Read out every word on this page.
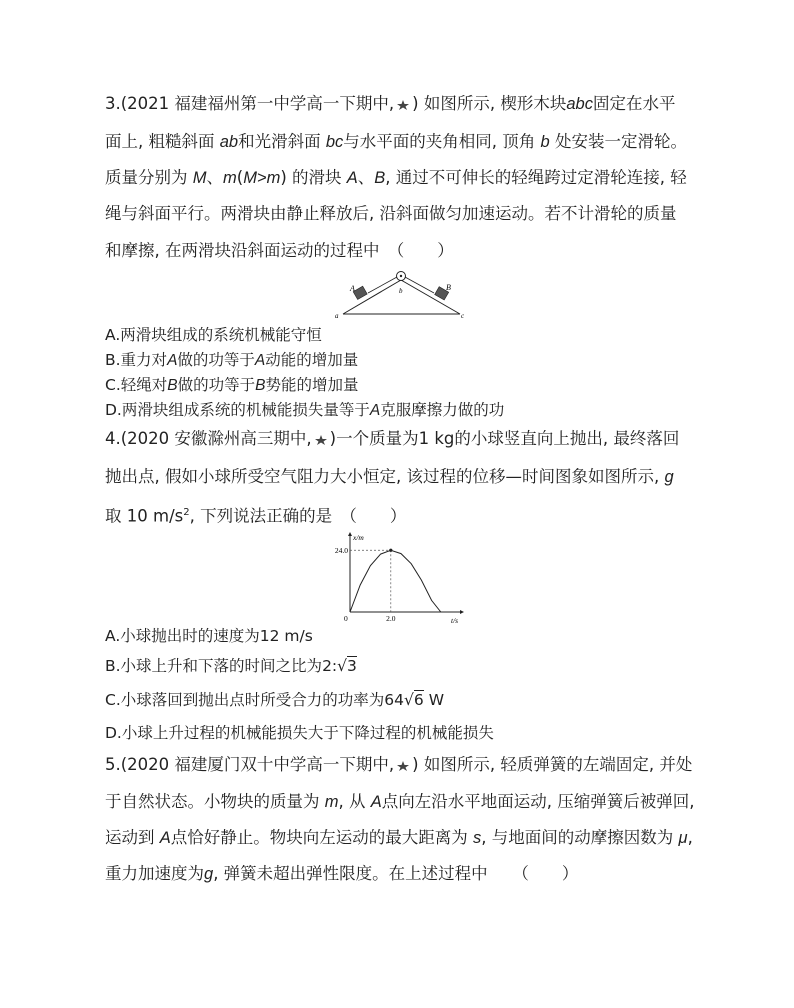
3.(2021 福建福州第一中学高一下期中, ) 如图所示, 楔形木块abc固定在水平
面上, 粗糙斜面 ab和光滑斜面 bc与水平面的夹角相同, 顶角 b 处安装一定滑轮。
质量分别为 M、m(M>m) 的滑块 A、B, 通过不可伸长的轻绳跨过定滑轮连接, 轻
绳与斜面平行。两滑块由静止释放后, 沿斜面做匀加速运动。若不计滑轮的质量
和摩擦, 在两滑块沿斜面运动的过程中　（　　）
A	B
a
b
c
A.两滑块组成的系统机械能守恒
B.重力对A做的功等于A动能的增加量
C.轻绳对B做的功等于B势能的增加量
D.两滑块组成系统的机械能损失量等于A克服摩擦力做的功
4.(2020 安徽滁州高三期中, )一个质量为1 kg的小球竖直向上抛出, 最终落回
抛出点, 假如小球所受空气阻力大小恒定, 该过程的位移—时间图象如图所示, g
取 10 $m/s^2$, 下列说法正确的是　（　　）
x/m
t/s
0
24.0
2.0
A.小球抛出时的速度为12 m/s
B.小球上升和下落的时间之比为2:√3
C.小球落回到抛出点时所受合力的功率为64√6 W
D.小球上升过程的机械能损失大于下降过程的机械能损失
5.(2020 福建厦门双十中学高一下期中, ) 如图所示, 轻质弹簧的左端固定, 并处
于自然状态。小物块的质量为 m, 从 A点向左沿水平地面运动, 压缩弹簧后被弹回,
运动到 A点恰好静止。物块向左运动的最大距离为 s, 与地面间的动摩擦因数为 μ,
重力加速度为g, 弹簧未超出弹性限度。在上述过程中　　（　　）
